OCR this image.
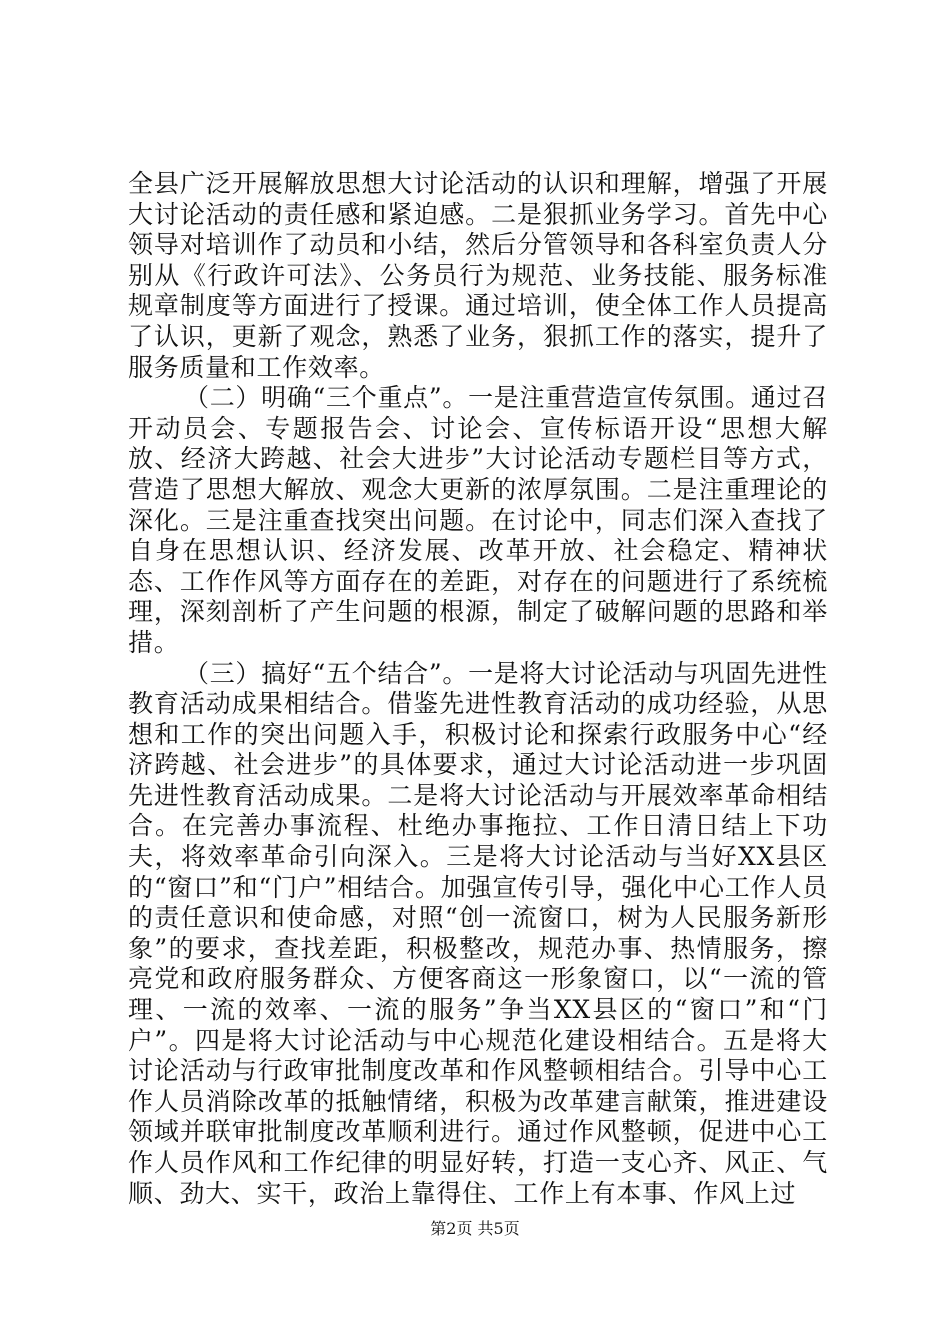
全县广泛开展解放思想大讨论活动的认识和理解，增强了开展大讨论活动的责任感和紧迫感。二是狠抓业务学习。首先中心领导对培训作了动员和小结，然后分管领导和各科室负责人分别从《行政许可法》、公务员行为规范、业务技能、服务标准规章制度等方面进行了授课。通过培训，使全体工作人员提高了认识，更新了观念，熟悉了业务，狠抓工作的落实，提升了服务质量和工作效率。

（二）明确“三个重点”。一是注重营造宣传氛围。通过召开动员会、专题报告会、讨论会、宣传标语开设“思想大解放、经济大跨越、社会大进步”大讨论活动专题栏目等方式，营造了思想大解放、观念大更新的浓厚氛围。二是注重理论的深化。三是注重查找突出问题。在讨论中，同志们深入查找了自身在思想认识、经济发展、改革开放、社会稳定、精神状态、工作作风等方面存在的差距，对存在的问题进行了系统梳理，深刻剖析了产生问题的根源，制定了破解问题的思路和举措。

（三）搞好“五个结合”。一是将大讨论活动与巩固先进性教育活动成果相结合。借鉴先进性教育活动的成功经验，从思想和工作的突出问题入手，积极讨论和探索行政服务中心“经济跨越、社会进步”的具体要求，通过大讨论活动进一步巩固先进性教育活动成果。二是将大讨论活动与开展效率革命相结合。在完善办事流程、杜绝办事拖拉、工作日清日结上下功夫，将效率革命引向深入。三是将大讨论活动与当好XX县区的“窗口”和“门户”相结合。加强宣传引导，强化中心工作人员的责任意识和使命感，对照“创一流窗口，树为人民服务新形象”的要求，查找差距，积极整改，规范办事、热情服务，擦亮党和政府服务群众、方便客商这一形象窗口，以“一流的管理、一流的效率、一流的服务”争当XX县区的“窗口”和“门户”。四是将大讨论活动与中心规范化建设相结合。五是将大讨论活动与行政审批制度改革和作风整顿相结合。引导中心工作人员消除改革的抵触情绪，积极为改革建言献策，推进建设领域并联审批制度改革顺利进行。通过作风整顿，促进中心工作人员作风和工作纪律的明显好转，打造一支心齐、风正、气顺、劲大、实干，政治上靠得住、工作上有本事、作风上过

第2页 共5页
